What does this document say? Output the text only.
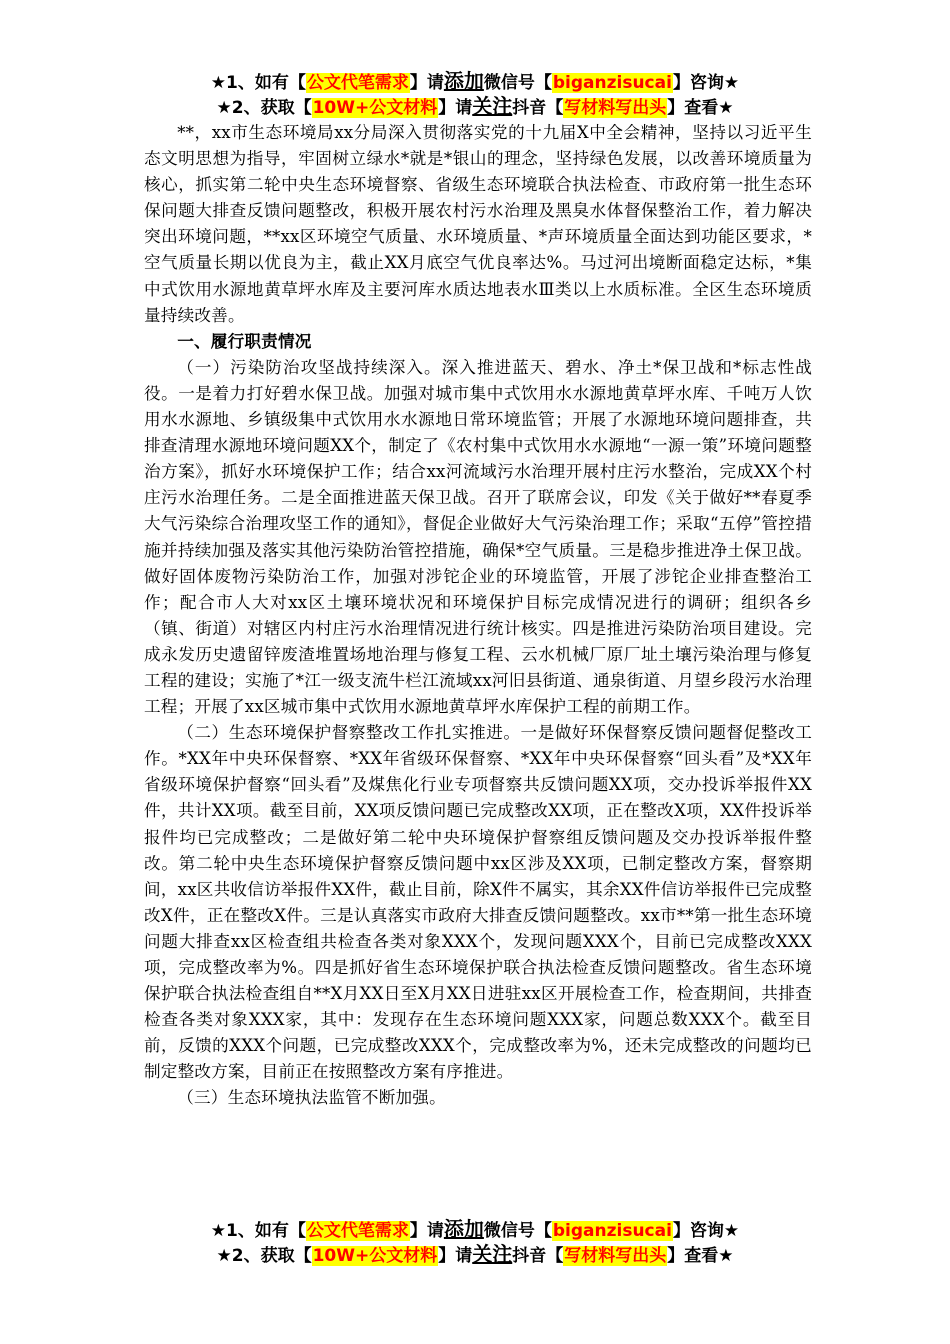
★1、如有【公文代笔需求】请添加微信号【biganzisucai】咨询★
★2、获取【10W+公文材料】请关注抖音【写材料写出头】查看★

**，xx市生态环境局xx分局深入贯彻落实党的十九届X中全会精神，坚持以习近平生态文明思想为指导，牢固树立绿水*就是*银山的理念，坚持绿色发展，以改善环境质量为核心，抓实第二轮中央生态环境督察、省级生态环境联合执法检查、市政府第一批生态环保问题大排查反馈问题整改，积极开展农村污水治理及黑臭水体督保整治工作，着力解决突出环境问题，**xx区环境空气质量、水环境质量、*声环境质量全面达到功能区要求，*空气质量长期以优良为主，截止XX月底空气优良率达%。马过河出境断面稳定达标，*集中式饮用水源地黄草坪水库及主要河库水质达地表水Ⅲ类以上水质标准。全区生态环境质量持续改善。

一、履行职责情况

（一）污染防治攻坚战持续深入。深入推进蓝天、碧水、净土*保卫战和*标志性战役。一是着力打好碧水保卫战。加强对城市集中式饮用水水源地黄草坪水库、千吨万人饮用水水源地、乡镇级集中式饮用水水源地日常环境监管；开展了水源地环境问题排查，共排查清理水源地环境问题XX个，制定了《农村集中式饮用水水源地“一源一策”环境问题整治方案》，抓好水环境保护工作；结合xx河流域污水治理开展村庄污水整治，完成XX个村庄污水治理任务。二是全面推进蓝天保卫战。召开了联席会议，印发《关于做好**春夏季大气污染综合治理攻坚工作的通知》，督促企业做好大气污染治理工作；采取“五停”管控措施并持续加强及落实其他污染防治管控措施，确保*空气质量。三是稳步推进净土保卫战。做好固体废物污染防治工作，加强对涉铊企业的环境监管，开展了涉铊企业排查整治工作；配合市人大对xx区土壤环境状况和环境保护目标完成情况进行的调研；组织各乡（镇、街道）对辖区内村庄污水治理情况进行统计核实。四是推进污染防治项目建设。完成永发历史遗留锌废渣堆置场地治理与修复工程、云水机械厂原厂址土壤污染治理与修复工程的建设；实施了*江一级支流牛栏江流域xx河旧县街道、通泉街道、月望乡段污水治理工程；开展了xx区城市集中式饮用水源地黄草坪水库保护工程的前期工作。

（二）生态环境保护督察整改工作扎实推进。一是做好环保督察反馈问题督促整改工作。*XX年中央环保督察、*XX年省级环保督察、*XX年中央环保督察“回头看”及*XX年省级环境保护督察“回头看”及煤焦化行业专项督察共反馈问题XX项，交办投诉举报件XX件，共计XX项。截至目前，XX项反馈问题已完成整改XX项，正在整改X项，XX件投诉举报件均已完成整改；二是做好第二轮中央环境保护督察组反馈问题及交办投诉举报件整改。第二轮中央生态环境保护督察反馈问题中xx区涉及XX项，已制定整改方案，督察期间，xx区共收信访举报件XX件，截止目前，除X件不属实，其余XX件信访举报件已完成整改X件，正在整改X件。三是认真落实市政府大排查反馈问题整改。xx市**第一批生态环境问题大排查xx区检查组共检查各类对象XXX个，发现问题XXX个，目前已完成整改XXX项，完成整改率为%。四是抓好省生态环境保护联合执法检查反馈问题整改。省生态环境保护联合执法检查组自**X月XX日至X月XX日进驻xx区开展检查工作，检查期间，共排查检查各类对象XXX家，其中：发现存在生态环境问题XXX家，问题总数XXX个。截至目前，反馈的XXX个问题，已完成整改XXX个，完成整改率为%，还未完成整改的问题均已制定整改方案，目前正在按照整改方案有序推进。

（三）生态环境执法监管不断加强。

★1、如有【公文代笔需求】请添加微信号【biganzisucai】咨询★
★2、获取【10W+公文材料】请关注抖音【写材料写出头】查看★
